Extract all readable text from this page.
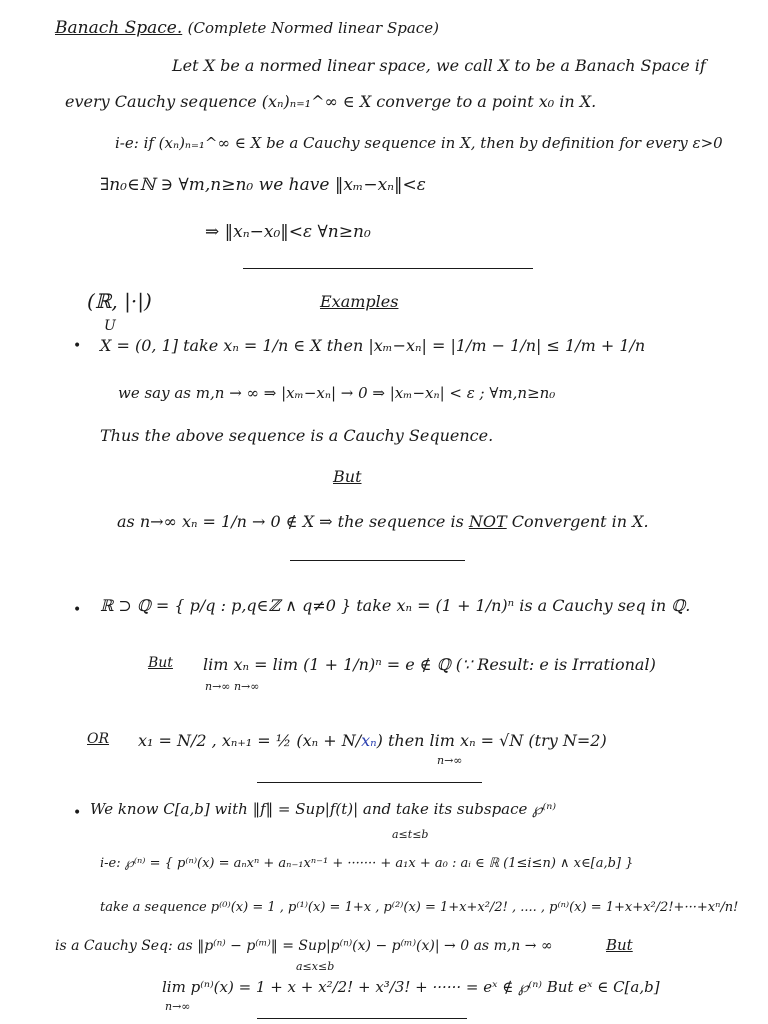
Banach Space. (Complete Normed linear Space)
Let X be a normed linear space, we call X to be a Banach Space if
every Cauchy sequence (xₙ)ₙ₌₁^∞ ∈ X converge to a point x₀ in X.
i-e: if (xₙ)ₙ₌₁^∞ ∈ X be a Cauchy sequence in X, then by definition for every ε>0
∃n₀∈ℕ ∋ ∀m,n≥n₀ we have ‖xₘ−xₙ‖<ε
⇒ ‖xₙ−x₀‖<ε ∀n≥n₀
(ℝ, |·|)	Examples
U
• X = (0, 1] take xₙ = 1/n ∈ X then |xₘ−xₙ| = |1/m − 1/n| ≤ 1/m + 1/n
we say as m,n → ∞ ⇒ |xₘ−xₙ| → 0 ⇒ |xₘ−xₙ| < ε ; ∀m,n≥n₀
Thus the above sequence is a Cauchy Sequence.
But
as n→∞ xₙ = 1/n → 0 ∉ X ⇒ the sequence is NOT Convergent in X.
• ℝ ⊃ ℚ = { p/q : p,q∈ℤ ∧ q≠0 } take xₙ = (1 + 1/n)ⁿ is a Cauchy seq in ℚ.
But lim xₙ = lim (1 + 1/n)ⁿ = e ∉ ℚ (∵ Result: e is Irrational)
n→∞ n→∞
OR x₁ = N/2 , xₙ₊₁ = ½ (xₙ + N/xₙ) then lim xₙ = √N (try N=2)
n→∞
• We know C[a,b] with ‖f‖ = Sup|f(t)| and take its subspace ℘⁽ⁿ⁾
a≤t≤b
i-e: ℘⁽ⁿ⁾ = { p⁽ⁿ⁾(x) = aₙxⁿ + aₙ₋₁xⁿ⁻¹ + ······· + a₁x + a₀ : aᵢ ∈ ℝ (1≤i≤n) ∧ x∈[a,b] }
take a sequence p⁽⁰⁾(x) = 1 , p⁽¹⁾(x) = 1+x , p⁽²⁾(x) = 1+x+x²/2! , .... , p⁽ⁿ⁾(x) = 1+x+x²/2!+···+xⁿ/n!
is a Cauchy Seq: as ‖p⁽ⁿ⁾ − p⁽ᵐ⁾‖ = Sup|p⁽ⁿ⁾(x) − p⁽ᵐ⁾(x)| → 0 as m,n → ∞	But
a≤x≤b
lim p⁽ⁿ⁾(x) = 1 + x + x²/2! + x³/3! + ······ = eˣ ∉ ℘⁽ⁿ⁾ But eˣ ∈ C[a,b]
n→∞
